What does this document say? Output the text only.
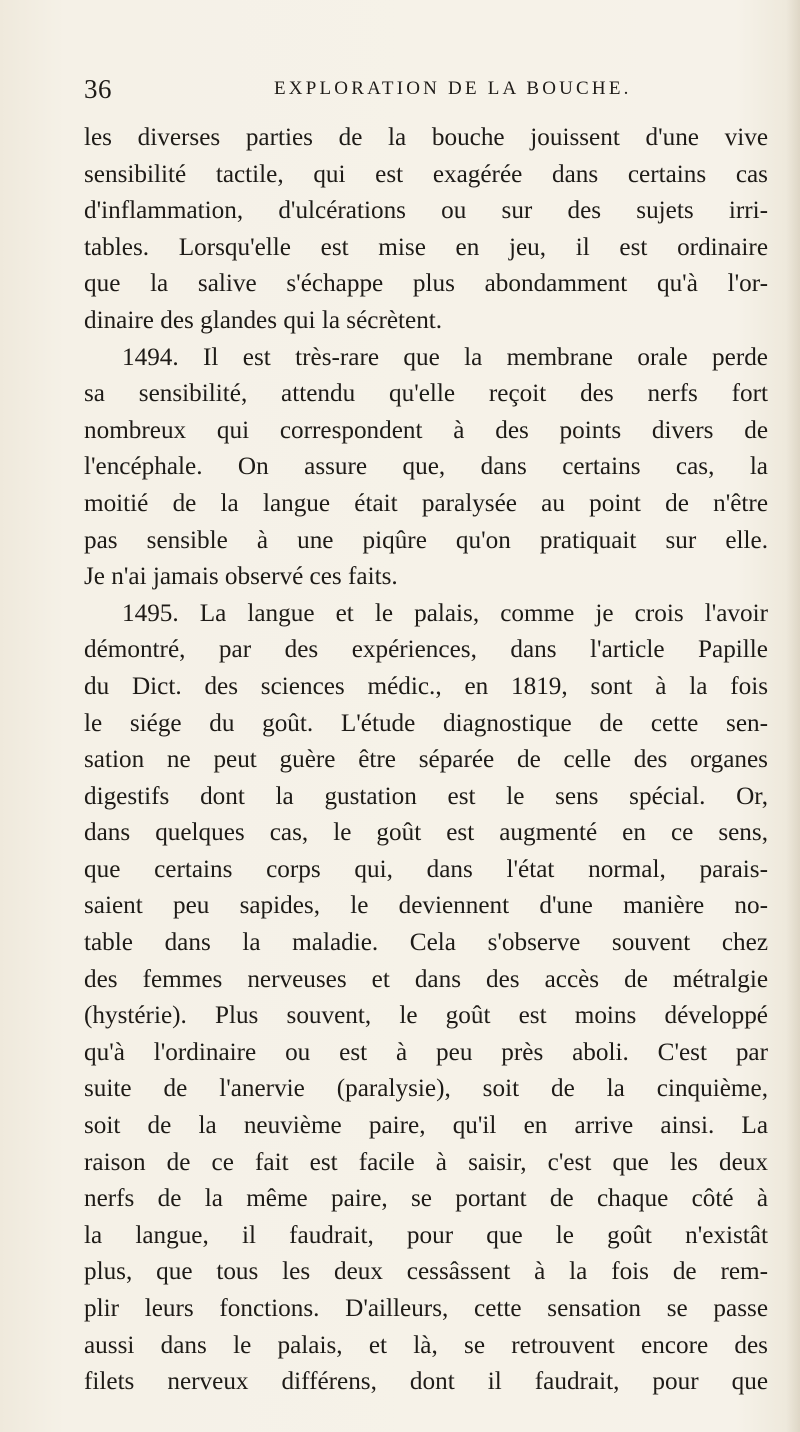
36	EXPLORATION DE LA BOUCHE.
les diverses parties de la bouche jouissent d'une vive
sensibilité tactile, qui est exagérée dans certains cas
d'inflammation, d'ulcérations ou sur des sujets irri-
tables. Lorsqu'elle est mise en jeu, il est ordinaire
que la salive s'échappe plus abondamment qu'à l'or-
dinaire des glandes qui la sécrètent.
1494. Il est très-rare que la membrane orale perde
sa sensibilité, attendu qu'elle reçoit des nerfs fort
nombreux qui correspondent à des points divers de
l'encéphale. On assure que, dans certains cas, la
moitié de la langue était paralysée au point de n'être
pas sensible à une piqûre qu'on pratiquait sur elle.
Je n'ai jamais observé ces faits.
1495. La langue et le palais, comme je crois l'avoir
démontré, par des expériences, dans l'article Papille
du Dict. des sciences médic., en 1819, sont à la fois
le siége du goût. L'étude diagnostique de cette sen-
sation ne peut guère être séparée de celle des organes
digestifs dont la gustation est le sens spécial. Or,
dans quelques cas, le goût est augmenté en ce sens,
que certains corps qui, dans l'état normal, parais-
saient peu sapides, le deviennent d'une manière no-
table dans la maladie. Cela s'observe souvent chez
des femmes nerveuses et dans des accès de métralgie
(hystérie). Plus souvent, le goût est moins développé
qu'à l'ordinaire ou est à peu près aboli. C'est par
suite de l'anervie (paralysie), soit de la cinquième,
soit de la neuvième paire, qu'il en arrive ainsi. La
raison de ce fait est facile à saisir, c'est que les deux
nerfs de la même paire, se portant de chaque côté à
la langue, il faudrait, pour que le goût n'existât
plus, que tous les deux cessâssent à la fois de rem-
plir leurs fonctions. D'ailleurs, cette sensation se passe
aussi dans le palais, et là, se retrouvent encore des
filets nerveux différens, dont il faudrait, pour que
